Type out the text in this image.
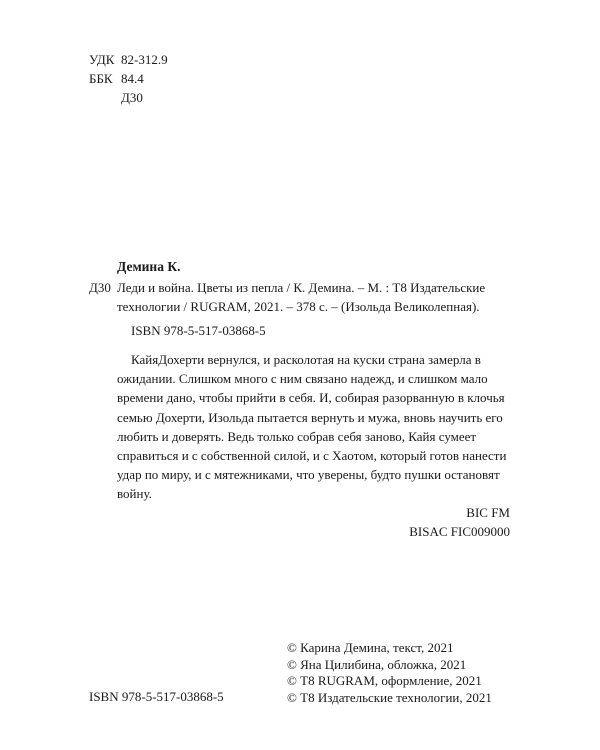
УДК 82-312.9
ББК 84.4
Д30
Демина К.
Д30 Леди и война. Цветы из пепла / К. Демина. – М. : Т8 Издательские
технологии / RUGRAM, 2021. – 378 с. – (Изольда Великолепная).
ISBN 978-5-517-03868-5

КайяДохерти вернулся, и расколотая на куски страна замерла в ожидании. Слишком много с ним связано надежд, и слишком мало времени дано, чтобы прийти в себя. И, собирая разорванную в клочья семью Дохерти, Изольда пытается вернуть и мужа, вновь научить его любить и доверять. Ведь только собрав себя заново, Кайя сумеет справиться и с собственной силой, и с Хаотом, который готов нанести удар по миру, и с мятежниками, что уверены, будто пушки остановят войну.

BIC FM
BISAC FIC009000
© Карина Демина, текст, 2021
© Яна Цилибина, обложка, 2021
© Т8 RUGRAM, оформление, 2021
© Т8 Издательские технологии, 2021
ISBN 978-5-517-03868-5
